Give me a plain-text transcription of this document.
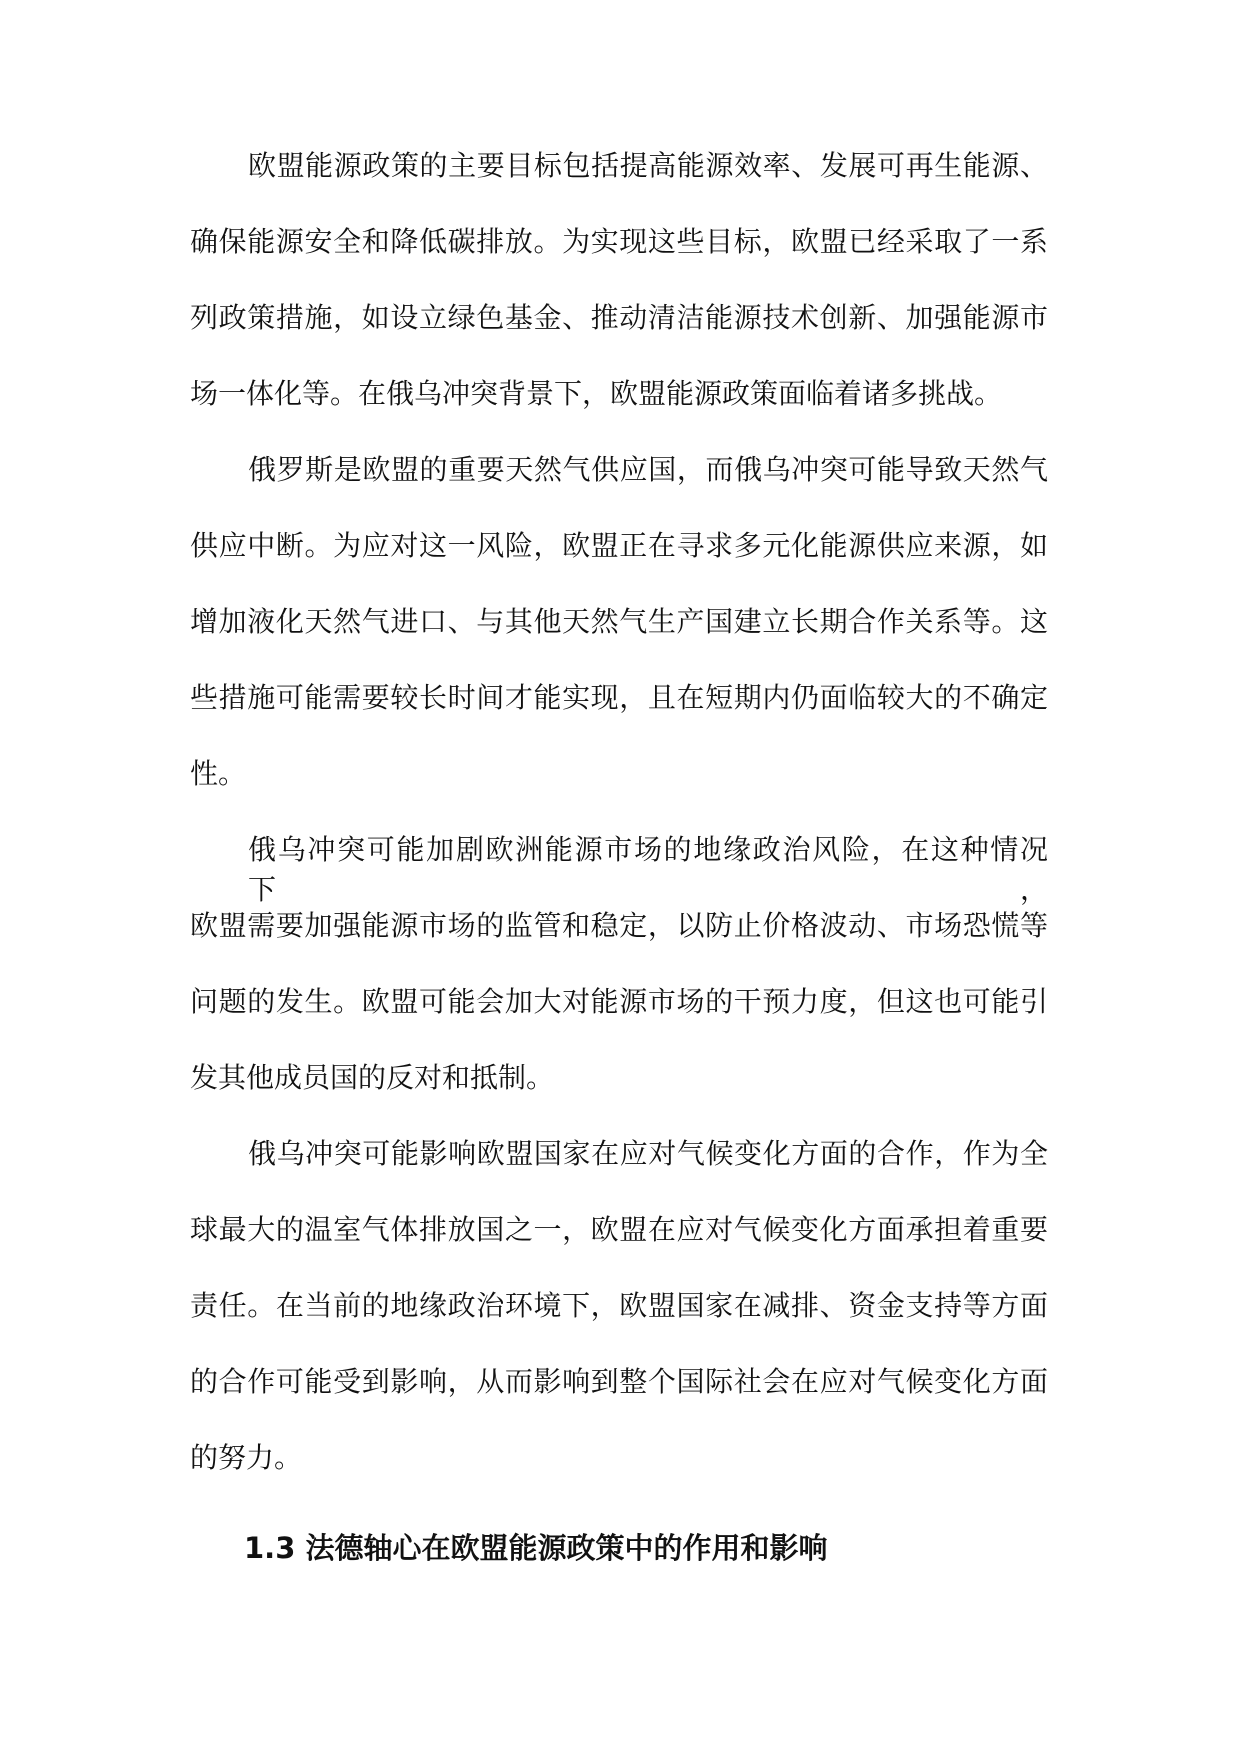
欧盟能源政策的主要目标包括提高能源效率、发展可再生能源、

确保能源安全和降低碳排放。为实现这些目标，欧盟已经采取了一系

列政策措施，如设立绿色基金、推动清洁能源技术创新、加强能源市

场一体化等。在俄乌冲突背景下，欧盟能源政策面临着诸多挑战。

俄罗斯是欧盟的重要天然气供应国，而俄乌冲突可能导致天然气

供应中断。为应对这一风险，欧盟正在寻求多元化能源供应来源，如

增加液化天然气进口、与其他天然气生产国建立长期合作关系等。这

些措施可能需要较长时间才能实现，且在短期内仍面临较大的不确定

性。

俄乌冲突可能加剧欧洲能源市场的地缘政治风险，在这种情况下，

欧盟需要加强能源市场的监管和稳定，以防止价格波动、市场恐慌等

问题的发生。欧盟可能会加大对能源市场的干预力度，但这也可能引

发其他成员国的反对和抵制。

俄乌冲突可能影响欧盟国家在应对气候变化方面的合作，作为全

球最大的温室气体排放国之一，欧盟在应对气候变化方面承担着重要

责任。在当前的地缘政治环境下，欧盟国家在减排、资金支持等方面

的合作可能受到影响，从而影响到整个国际社会在应对气候变化方面

的努力。

1.3 法德轴心在欧盟能源政策中的作用和影响
